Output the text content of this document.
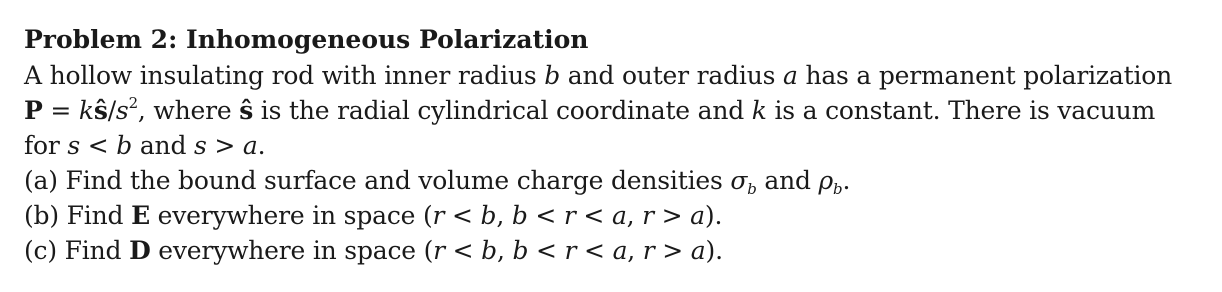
Problem 2: Inhomogeneous Polarization
A hollow insulating rod with inner radius b and outer radius a has a permanent polarization
$P = kŝ/s^2$, where ŝ is the radial cylindrical coordinate and k is a constant. There is vacuum
for s < b and s > a.
(a) Find the bound surface and volume charge densities $\sigma_b$ and $\rho_b$.
(b) Find E everywhere in space (r < b, b < r < a, r > a).
(c) Find D everywhere in space (r < b, b < r < a, r > a).
